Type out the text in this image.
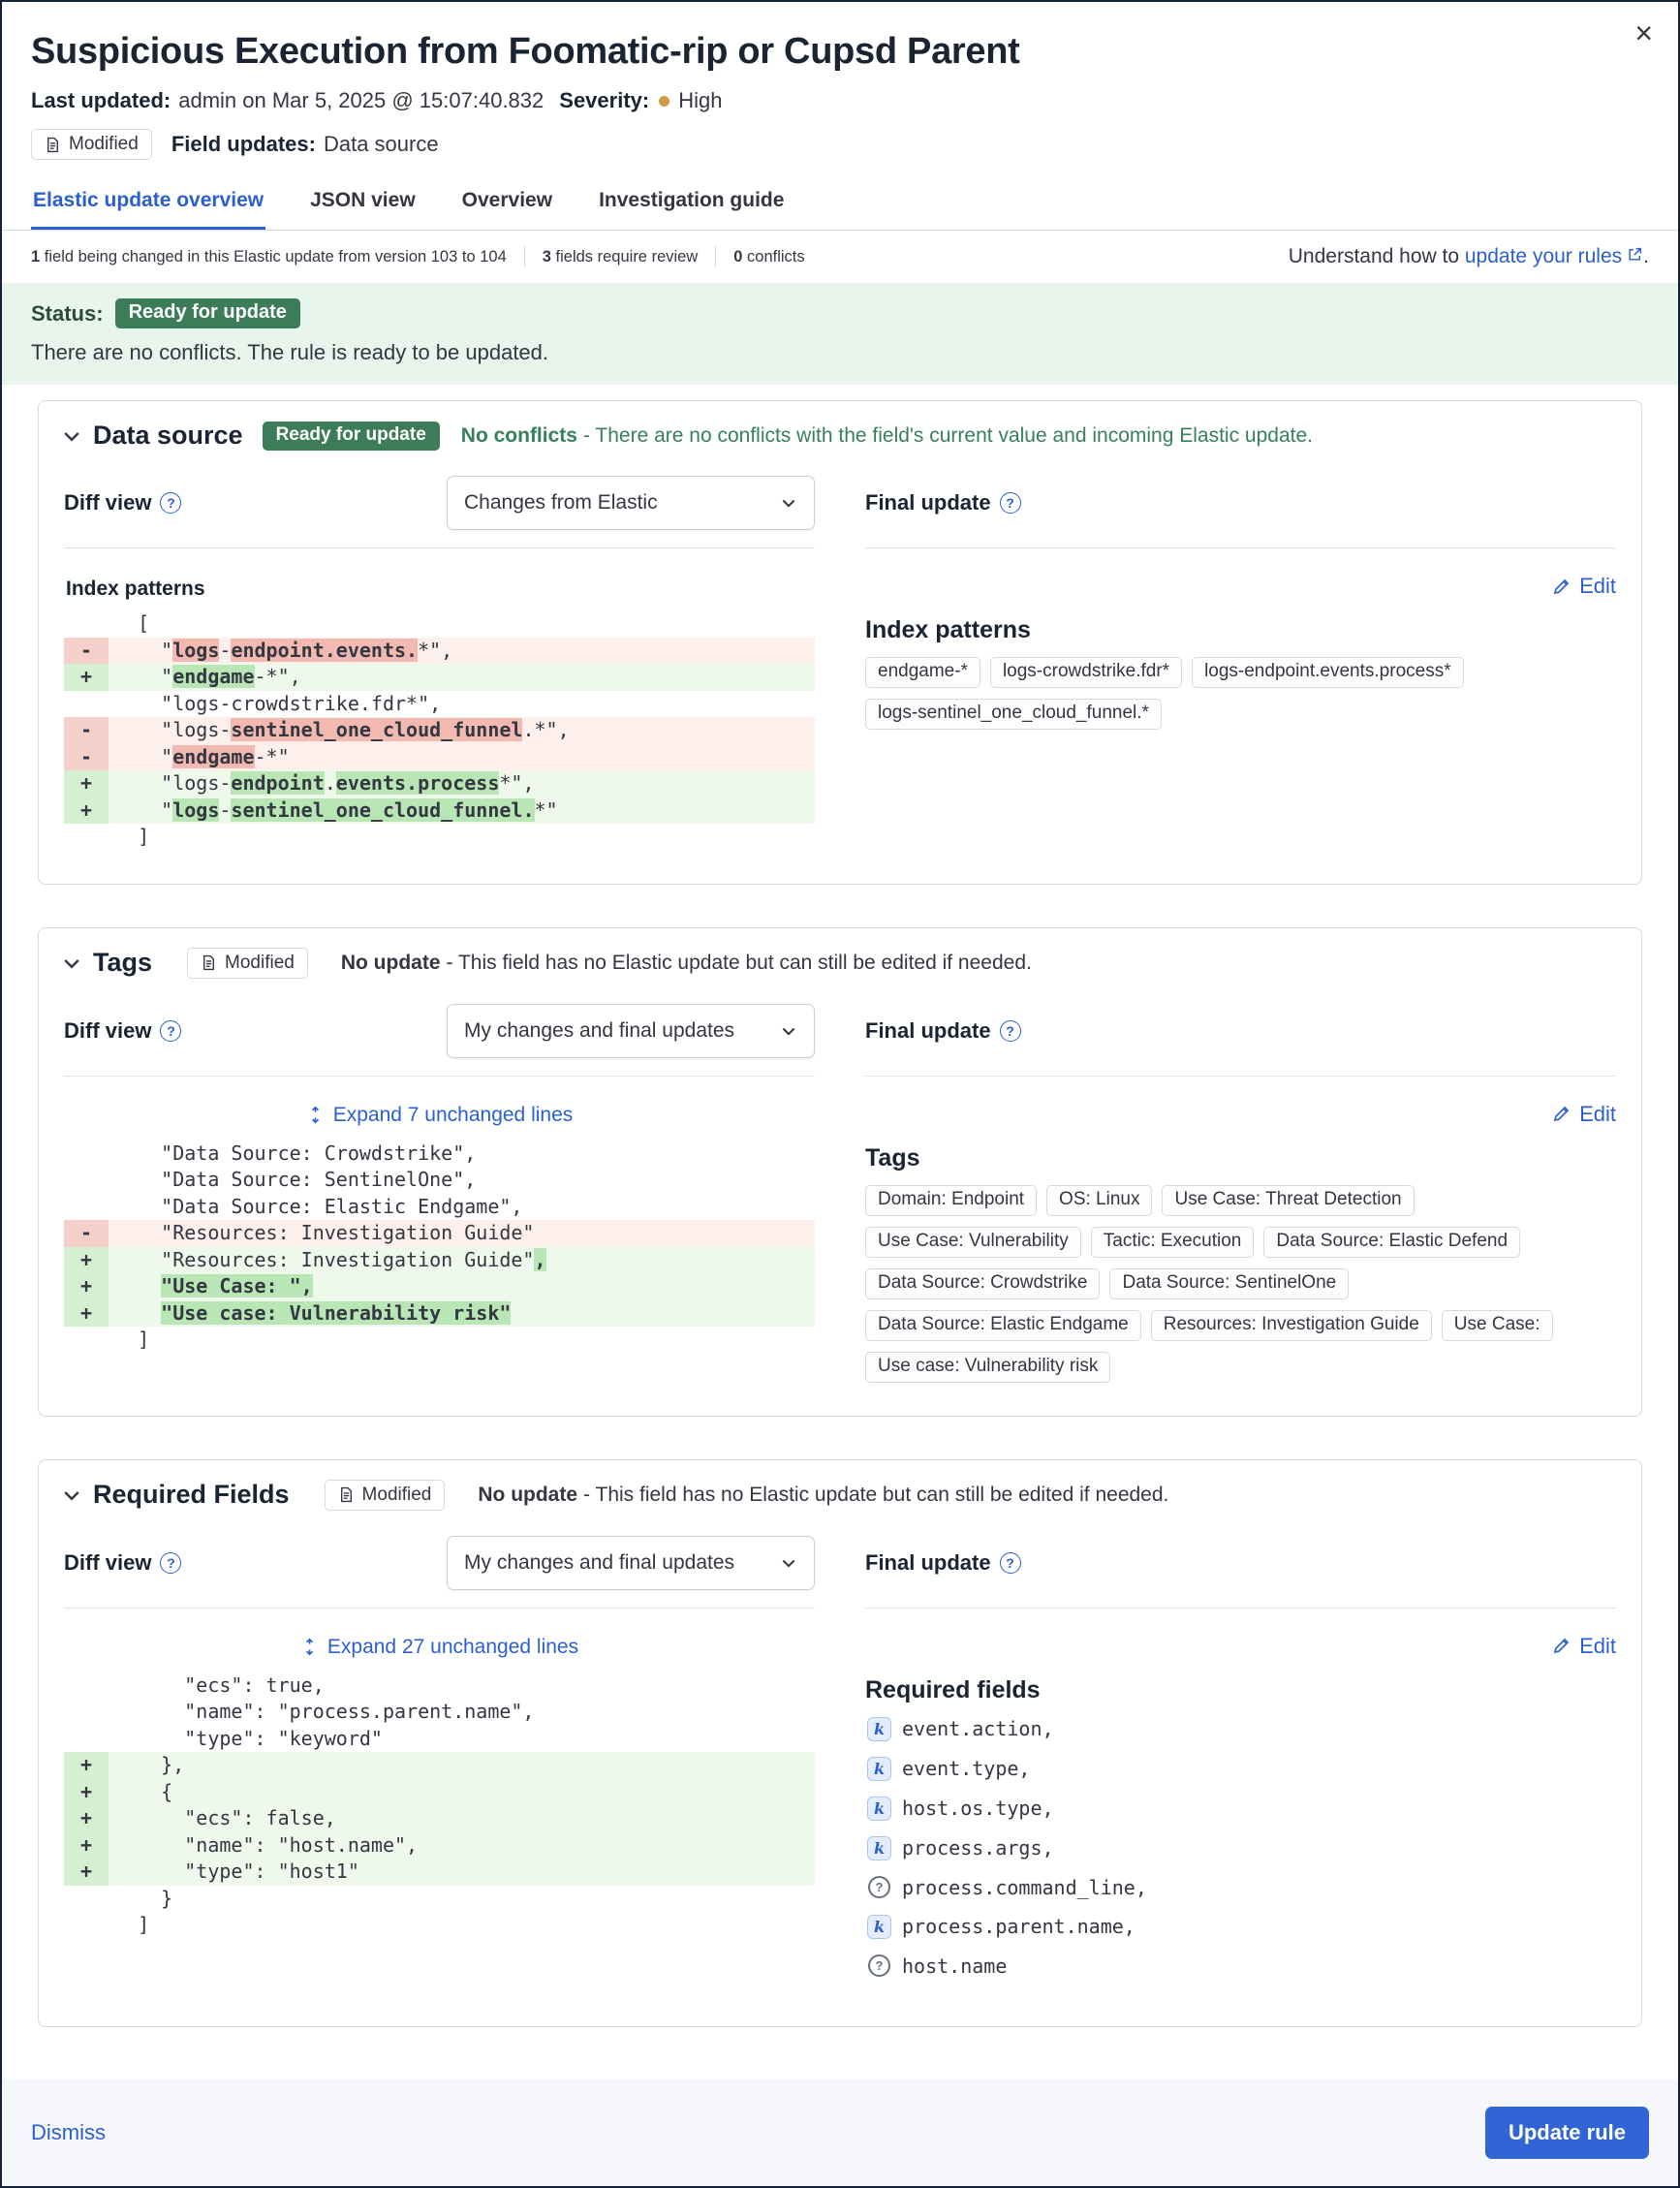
×
Suspicious Execution from Foomatic-rip or Cupsd Parent
Last updated: admin on Mar 5, 2025 @ 15:07:40.832 Severity: High
Modified Field updates: Data source
Elastic update overview JSON view Overview Investigation guide
1 field being changed in this Elastic update from version 103 to 104 3 fields require review 0 conflicts	Understand how to
update your rules .
Status:	Ready for update
There are no conflicts. The rule is ready to be updated.
Data source	Ready for update	No conflicts - There are no conflicts with the field's current value and incoming Elastic update.
Diff view	?	Changes from Elastic
Index patterns
[
-	"logs-endpoint.events.*",
+	"endgame-*",
"logs-crowdstrike.fdr*",
-	"logs-sentinel_one_cloud_funnel.*",
-	"endgame-*"
+	"logs-endpoint.events.process*",
+	"logs-sentinel_one_cloud_funnel.*"
]
Final update	?
Edit
Index patterns
endgame-*	logs-crowdstrike.fdr*	logs-endpoint.events.process*
logs-sentinel_one_cloud_funnel.*
Tags	Modified No update - This field has no Elastic update but can still be edited if needed.
Diff view	?	My changes and final updates
Expand 7 unchanged lines
"Data Source: Crowdstrike",
"Data Source: SentinelOne",
"Data Source: Elastic Endgame",
-	"Resources: Investigation Guide"
+	"Resources: Investigation Guide",
+	"Use Case: ",
+	"Use case: Vulnerability risk"
]
Final update	?
Edit
Tags
Domain: Endpoint	OS: Linux	Use Case: Threat Detection
Use Case: Vulnerability	Tactic: Execution	Data Source: Elastic Defend
Data Source: Crowdstrike	Data Source: SentinelOne
Data Source: Elastic Endgame	Resources: Investigation Guide	Use Case:
Use case: Vulnerability risk
Required Fields	Modified No update - This field has no Elastic update but can still be edited if needed.
Diff view	?	My changes and final updates
Expand 27 unchanged lines
"ecs": true,
"name": "process.parent.name",
"type": "keyword"
+	},
+	{
+	"ecs": false,
+	"name": "host.name",
+	"type": "host1"
}
]
Final update	?
Edit
Required fields
k event.action,
k event.type,
k host.os.type,
k process.args,
? process.command_line,
k process.parent.name,
? host.name
Dismiss	Update rule
